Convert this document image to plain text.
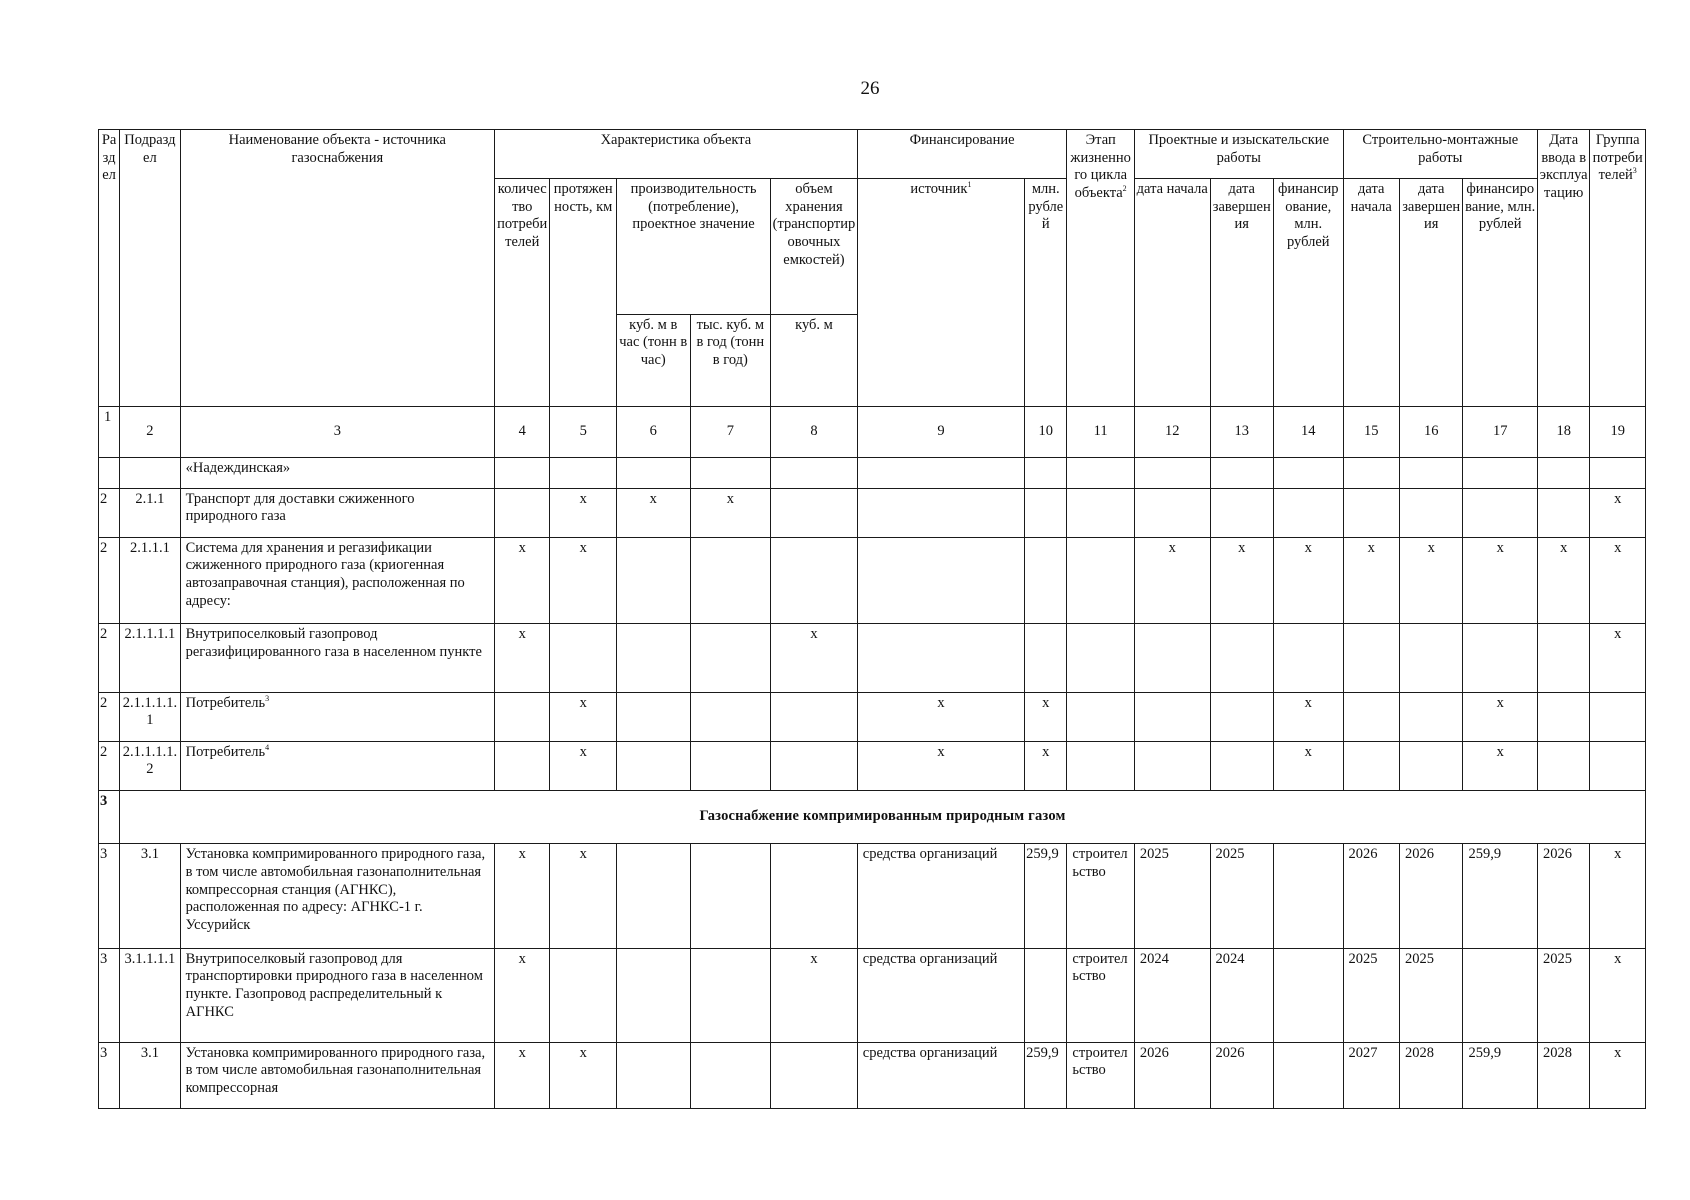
26
Раздел	Подраздел	Наименование объекта - источника газоснабжения	Характеристика объекта					Финансирование		Этап жизненного цикла объекта$^2$	Проектные и изыскательские работы			Строительно-монтажные работы			Дата ввода в эксплуатацию	Группа потребителей$^3$
			количество потребителей	протяженность, км	производительность (потребление), проектное значение		объем хранения (транспортировочных емкостей)	источник$^1$	млн. рублей		дата начала	дата завершения	финансирование, млн. рублей	дата начала	дата завершения	финансирование, млн. рублей		
					куб. м в час (тонн в час)	тыс. куб. м в год (тонн в год)	куб. м											
1	2	3	4	5	6	7	8	9	10	11	12	13	14	15	16	17	18	19
		«Надеждинская»																
2	2.1.1	Транспорт для доставки сжиженного природного газа		х	х	х												х
2	2.1.1.1	Система для хранения и регазификации сжиженного природного газа (криогенная автозаправочная станция), расположенная по адресу:	х	х							х	х	х	х	х	х	х	х
2	2.1.1.1.1	Внутрипоселковый газопровод регазифицированного газа в населенном пункте	х				х											х
2	2.1.1.1.1.1	Потребитель$^3$		х				х	х				х			х		
2	2.1.1.1.1.2	Потребитель$^4$		х				х	х				х			х		
3	Газоснабжение компримированным природным газом																	
3	3.1	Установка компримированного природного газа, в том числе автомобильная газонаполнительная компрессорная станция (АГНКС), расположенная по адресу: АГНКС-1 г. Уссурийск	х	х				средства организаций	259,9	строительство	2025	2025		2026	2026	259,9	2026	х
3	3.1.1.1.1	Внутрипоселковый газопровод для транспортировки природного газа в населенном пункте. Газопровод распределительный к АГНКС	х				х	средства организаций		строительство	2024	2024		2025	2025		2025	х
3	3.1	Установка компримированного природного газа, в том числе автомобильная газонаполнительная компрессорная	х	х				средства организаций	259,9	строительство	2026	2026		2027	2028	259,9	2028	х
